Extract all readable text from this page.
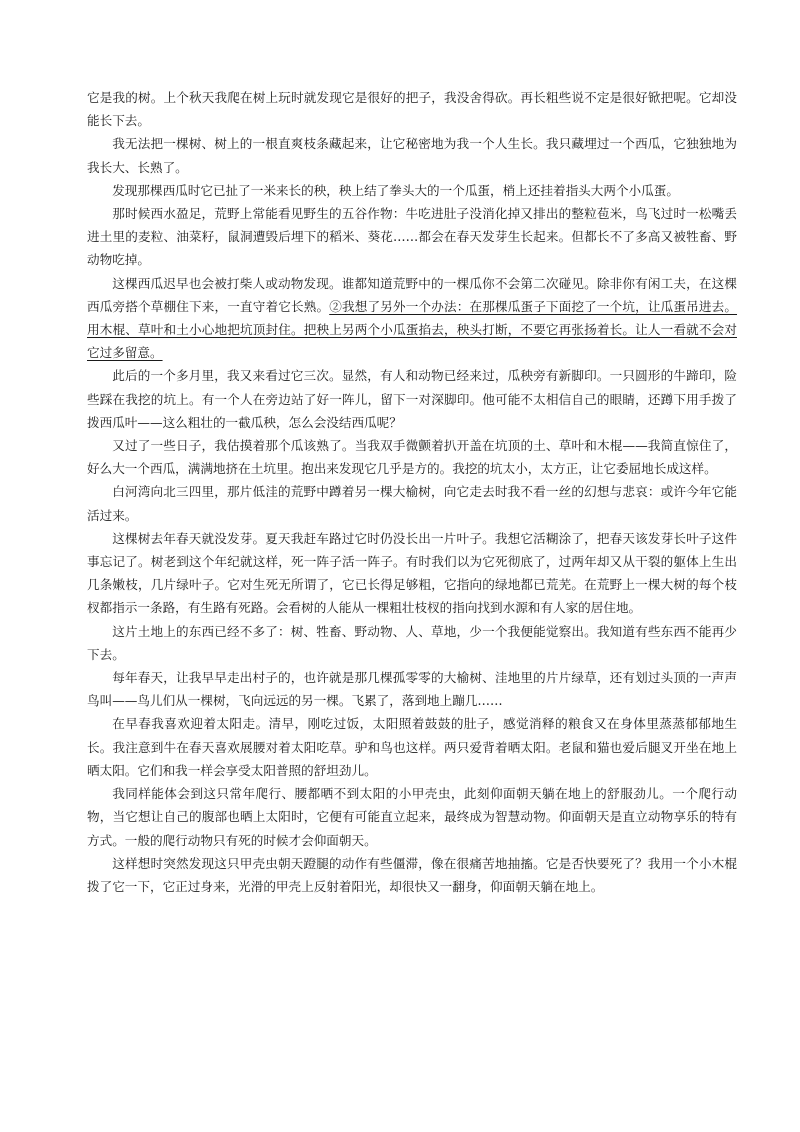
它是我的树。上个秋天我爬在树上玩时就发现它是很好的把子，我没舍得砍。再长粗些说不定是很好锨把呢。它却没能长下去。

我无法把一棵树、树上的一根直爽枝条藏起来，让它秘密地为我一个人生长。我只藏埋过一个西瓜，它独独地为我长大、长熟了。

发现那棵西瓜时它已扯了一米来长的秧，秧上结了拳头大的一个瓜蛋，梢上还挂着指头大两个小瓜蛋。

那时候西水盈足，荒野上常能看见野生的五谷作物：牛吃进肚子没消化掉又排出的整粒苞米，鸟飞过时一松嘴丢进土里的麦粒、油菜籽，鼠洞遭毁后埋下的稻米、葵花……都会在春天发芽生长起来。但都长不了多高又被牲畜、野动物吃掉。

这棵西瓜迟早也会被打柴人或动物发现。谁都知道荒野中的一棵瓜你不会第二次碰见。除非你有闲工夫，在这棵西瓜旁搭个草棚住下来，一直守着它长熟。②我想了另外一个办法：在那棵瓜蛋子下面挖了一个坑，让瓜蛋吊进去。用木棍、草叶和土小心地把坑顶封住。把秧上另两个小瓜蛋掐去，秧头打断，不要它再张扬着长。让人一看就不会对它过多留意。

此后的一个多月里，我又来看过它三次。显然，有人和动物已经来过，瓜秧旁有新脚印。一只圆形的牛蹄印，险些踩在我挖的坑上。有一个人在旁边站了好一阵儿，留下一对深脚印。他可能不太相信自己的眼睛，还蹲下用手拨了拨西瓜叶——这么粗壮的一截瓜秧，怎么会没结西瓜呢？

又过了一些日子，我估摸着那个瓜该熟了。当我双手微颤着扒开盖在坑顶的土、草叶和木棍——我简直惊住了，好么大一个西瓜，满满地挤在土坑里。抱出来发现它几乎是方的。我挖的坑太小，太方正，让它委屈地长成这样。

白河湾向北三四里，那片低洼的荒野中蹲着另一棵大榆树，向它走去时我不看一丝的幻想与悲哀：或许今年它能活过来。

这棵树去年春天就没发芽。夏天我赶车路过它时仍没长出一片叶子。我想它活糊涂了，把春天该发芽长叶子这件事忘记了。树老到这个年纪就这样，死一阵子活一阵子。有时我们以为它死彻底了，过两年却又从干裂的躯体上生出几条嫩枝，几片绿叶子。它对生死无所谓了，它已长得足够粗，它指向的绿地都已荒芜。在荒野上一棵大树的每个枝杈都指示一条路，有生路有死路。会看树的人能从一棵粗壮枝杈的指向找到水源和有人家的居住地。

这片土地上的东西已经不多了：树、牲畜、野动物、人、草地，少一个我便能觉察出。我知道有些东西不能再少下去。

每年春天，让我早早走出村子的，也许就是那几棵孤零零的大榆树、洼地里的片片绿草，还有划过头顶的一声声鸟叫——鸟儿们从一棵树，飞向远远的另一棵。飞累了，落到地上蹦几……

在早春我喜欢迎着太阳走。清早，刚吃过饭，太阳照着鼓鼓的肚子，感觉消释的粮食又在身体里蒸蒸郁郁地生长。我注意到牛在春天喜欢展腰对着太阳吃草。驴和鸟也这样。两只爱背着晒太阳。老鼠和猫也爱后腿叉开坐在地上晒太阳。它们和我一样会享受太阳普照的舒坦劲儿。

我同样能体会到这只常年爬行、腰都晒不到太阳的小甲壳虫，此刻仰面朝天躺在地上的舒服劲儿。一个爬行动物，当它想让自己的腹部也晒上太阳时，它便有可能直立起来，最终成为智慧动物。仰面朝天是直立动物享乐的特有方式。一般的爬行动物只有死的时候才会仰面朝天。

这样想时突然发现这只甲壳虫朝天蹬腿的动作有些僵滞，像在很痛苦地抽搐。它是否快要死了？我用一个小木棍拨了它一下，它正过身来，光滑的甲壳上反射着阳光，却很快又一翻身，仰面朝天躺在地上。
